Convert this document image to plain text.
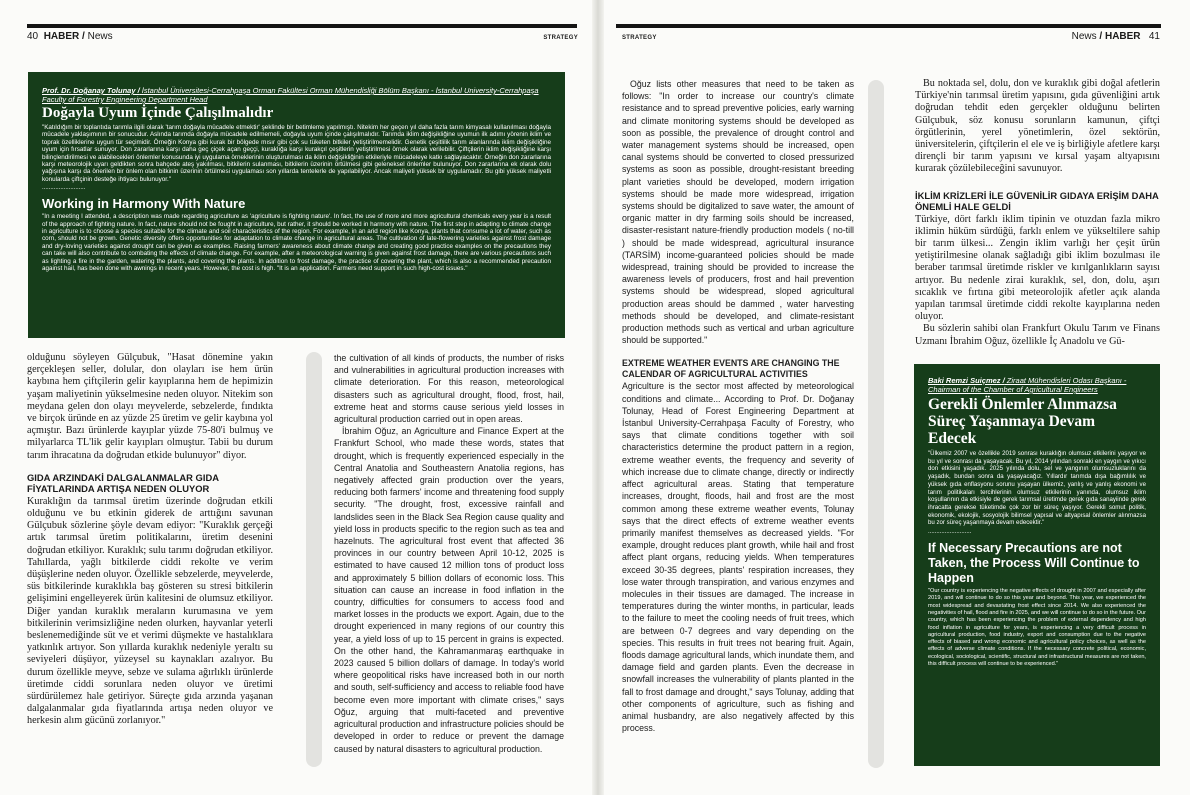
40 HABER / News	STRATEGY	STRATEGY	News / HABER 41
Prof. Dr. Doğanay Tolunay / İstanbul Üniversitesi-Cerrahpaşa Orman Fakültesi Orman Mühendisliği Bölüm Başkanı - İstanbul University-Cerrahpaşa Faculty of Forestry Engineering Department Head
Doğayla Uyum İçinde Çalışılmalıdır
"Katıldığım bir toplantıda tarımla ilgili olarak 'tarım doğayla mücadele etmektir' şeklinde bir betimleme yapılmıştı. Nitekim her geçen yıl daha fazla tarım kimyasalı kullanılması doğayla mücadele yaklaşımının bir sonucudur. Aslında tarımda doğayla mücadele edilmemeli, doğayla uyum içinde çalışılmalıdır. Tarımda iklim değişikliğine uyumun ilk adımı yörenin iklim ve toprak özelliklerine uygun tür seçimidir. Örneğin Konya gibi kurak bir bölgede mısır gibi çok su tüketen bitkiler yetiştirilmemelidir. Genetik çeşitlilik tarım alanlarında iklim değişikliğine uyum için fırsatlar sunuyor. Don zararlarına karşı daha geç çiçek açan geççi, kuraklığa karşı kurakçıl çeşitlerin yetiştirilmesi örnek olarak verilebilir. Çiftçilerin iklim değişikliğine karşı bilinçlendirilmesi ve alabilecekleri önlemler konusunda iyi uygulama örneklerinin oluşturulması da iklim değişikliğinin etkileriyle mücadeleye katkı sağlayacaktır. Örneğin don zararlarına karşı meteorolojik uyarı geldikten sonra bahçede ateş yakılması, bitkilerin sulanması, bitkilerin üzerinin örtülmesi gibi geleneksel önlemler bulunuyor. Don zararlarına ek olarak dolu yağışına karşı da önerilen bir önlem olan bitkinin üzerinin örtülmesi uygulaması son yıllarda tentelerle de yapılabiliyor. Ancak maliyeti yüksek bir uygulamadır. Bu gibi yüksek maliyetli konularda çiftçinin desteğe ihtiyacı bulunuyor."
..........................
Working in Harmony With Nature
"In a meeting I attended, a description was made regarding agriculture as 'agriculture is fighting nature'. In fact, the use of more and more agricultural chemicals every year is a result of the approach of fighting nature. In fact, nature should not be fought in agriculture, but rather, it should be worked in harmony with nature. The first step in adapting to climate change in agriculture is to choose a species suitable for the climate and soil characteristics of the region. For example, in an arid region like Konya, plants that consume a lot of water, such as corn, should not be grown. Genetic diversity offers opportunities for adaptation to climate change in agricultural areas. The cultivation of late-flowering varieties against frost damage and dry-loving varieties against drought can be given as examples. Raising farmers' awareness about climate change and creating good practice examples on the precautions they can take will also contribute to combating the effects of climate change. For example, after a meteorological warning is given against frost damage, there are various precautions such as lighting a fire in the garden, watering the plants, and covering the plants. In addition to frost damage, the practice of covering the plant, which is also a recommended precaution against hail, has been done with awnings in recent years. However, the cost is high. "It is an application. Farmers need support in such high-cost issues."

olduğunu söyleyen Gülçubuk, "Hasat dönemine yakın gerçekleşen seller, dolular, don olayları ise hem ürün kaybına hem çiftçilerin gelir kayıplarına hem de hepimizin yaşam maliyetinin yükselmesine neden oluyor. Nitekim son meydana gelen don olayı meyvelerde, sebzelerde, fındıkta ve birçok üründe en az yüzde 25 üretim ve gelir kaybına yol açmıştır. Bazı ürünlerde kayıplar yüzde 75-80'i bulmuş ve milyarlarca TL'lik gelir kayıpları olmuştur. Tabii bu durum tarım ihracatına da doğrudan etkide bulunuyor" diyor.

GIDA ARZINDAKİ DALGALANMALAR GIDA FİYATLARINDA ARTIŞA NEDEN OLUYOR

Kuraklığın da tarımsal üretim üzerinde doğrudan etkili olduğunu ve bu etkinin giderek de arttığını savunan Gülçubuk sözlerine şöyle devam ediyor: "Kuraklık gerçeği artık tarımsal üretim politikalarını, üretim desenini doğrudan etkiliyor. Kuraklık; sulu tarımı doğrudan etkiliyor. Tahıllarda, yağlı bitkilerde ciddi rekolte ve verim düşüşlerine neden oluyor. Özellikle sebzelerde, meyvelerde, süs bitkilerinde kuraklıkla baş gösteren su stresi bitkilerin gelişimini engelleyerek ürün kalitesini de olumsuz etkiliyor. Diğer yandan kuraklık meraların kurumasına ve yem bitkilerinin verimsizliğine neden olurken, hayvanlar yeterli beslenemediğinde süt ve et verimi düşmekte ve hastalıklara yatkınlık artıyor. Son yıllarda kuraklık nedeniyle yeraltı su seviyeleri düşüyor, yüzeysel su kaynakları azalıyor. Bu durum özellikle meyve, sebze ve sulama ağırlıklı ürünlerde üretimde ciddi sorunlara neden oluyor ve üretimi sürdürülemez hale getiriyor. Süreçte gıda arzında yaşanan dalgalanmalar gıda fiyatlarında artışa neden oluyor ve herkesin alım gücünü zorlanıyor."

the cultivation of all kinds of products, the number of risks and vulnerabilities in agricultural production increases with climate deterioration. For this reason, meteorological disasters such as agricultural drought, flood, frost, hail, extreme heat and storms cause serious yield losses in agricultural production carried out in open areas.

İbrahim Oğuz, an Agriculture and Finance Expert at the Frankfurt School, who made these words, states that drought, which is frequently experienced especially in the Central Anatolia and Southeastern Anatolia regions, has negatively affected grain production over the years, reducing both farmers' income and threatening food supply security. "The drought, frost, excessive rainfall and landslides seen in the Black Sea Region cause quality and yield loss in products specific to the region such as tea and hazelnuts. The agricultural frost event that affected 36 provinces in our country between April 10-12, 2025 is estimated to have caused 12 million tons of product loss and approximately 5 billion dollars of economic loss. This situation can cause an increase in food inflation in the country, difficulties for consumers to access food and market losses in the products we export. Again, due to the drought experienced in many regions of our country this year, a yield loss of up to 15 percent in grains is expected. On the other hand, the Kahramanmaraş earthquake in 2023 caused 5 billion dollars of damage. In today's world where geopolitical risks have increased both in our north and south, self-sufficiency and access to reliable food have become even more important with climate crises," says Oğuz, arguing that multi-faceted and preventive agricultural production and infrastructure policies should be developed in order to reduce or prevent the damage caused by natural disasters to agricultural production.

Oğuz lists other measures that need to be taken as follows: "In order to increase our country's climate resistance and to spread preventive policies, early warning and climate monitoring systems should be developed as soon as possible, the prevalence of drought control and water management systems should be increased, open canal systems should be converted to closed pressurized systems as soon as possible, drought-resistant breeding plant varieties should be developed, modern irrigation systems should be made more widespread, irrigation systems should be digitalized to save water, the amount of organic matter in dry farming soils should be increased, disaster-resistant nature-friendly production models ( no-till ) should be made widespread, agricultural insurance (TARSİM) income-guaranteed policies should be made widespread, training should be provided to increase the awareness levels of producers, frost and hail prevention systems should be widespread, sloped agricultural production areas should be dammed , water harvesting methods should be developed, and climate-resistant production methods such as vertical and urban agriculture should be supported."

EXTREME WEATHER EVENTS ARE CHANGING THE CALENDAR OF AGRICULTURAL ACTIVITIES

Agriculture is the sector most affected by meteorological conditions and climate... According to Prof. Dr. Doğanay Tolunay, Head of Forest Engineering Department at İstanbul University-Cerrahpaşa Faculty of Forestry, who says that climate conditions together with soil characteristics determine the product pattern in a region, extreme weather events, the frequency and severity of which increase due to climate change, directly or indirectly affect agricultural areas. Stating that temperature increases, drought, floods, hail and frost are the most common among these extreme weather events, Tolunay says that the direct effects of extreme weather events primarily manifest themselves as decreased yields. "For example, drought reduces plant growth, while hail and frost affect plant organs, reducing yields. When temperatures exceed 30-35 degrees, plants' respiration increases, they lose water through transpiration, and various enzymes and molecules in their tissues are damaged. The increase in temperatures during the winter months, in particular, leads to the failure to meet the cooling needs of fruit trees, which are between 0-7 degrees and vary depending on the species. This results in fruit trees not bearing fruit. Again, floods damage agricultural lands, which inundate them, and damage field and garden plants. Even the decrease in snowfall increases the vulnerability of plants planted in the fall to frost damage and drought," says Tolunay, adding that other components of agriculture, such as fishing and animal husbandry, are also negatively affected by this process.

Bu noktada sel, dolu, don ve kuraklık gibi doğal afetlerin Türkiye'nin tarımsal üretim yapısını, gıda güvenliğini artık doğrudan tehdit eden gerçekler olduğunu belirten Gülçubuk, söz konusu sorunların kamunun, çiftçi örgütlerinin, yerel yönetimlerin, özel sektörün, üniversitelerin, çiftçilerin el ele ve iş birliğiyle afetlere karşı dirençli bir tarım yapısını ve kırsal yaşam altyapısını kurarak çözülebileceğini savunuyor.

İKLİM KRİZLERİ İLE GÜVENİLİR GIDAYA ERİŞİM DAHA ÖNEMLİ HALE GELDİ

Türkiye, dört farklı iklim tipinin ve otuzdan fazla mikro iklimin hüküm sürdüğü, farklı enlem ve yükseltilere sahip bir tarım ülkesi... Zengin iklim varlığı her çeşit ürün yetiştirilmesine olanak sağladığı gibi iklim bozulması ile beraber tarımsal üretimde riskler ve kırılganlıkların sayısı artıyor. Bu nedenle zirai kuraklık, sel, don, dolu, aşırı sıcaklık ve fırtına gibi meteorolojik afetler açık alanda yapılan tarımsal üretimde ciddi rekolte kayıplarına neden oluyor.

Bu sözlerin sahibi olan Frankfurt Okulu Tarım ve Finans Uzmanı İbrahim Oğuz, özellikle İç Anadolu ve Gü-

Baki Remzi Suiçmez / Ziraat Mühendisleri Odası Başkanı - Chairman of the Chamber of Agricultural Engineers
Gerekli Önlemler Alınmazsa Süreç Yaşanmaya Devam Edecek
"Ülkemiz 2007 ve özellikle 2019 sonrası kuraklığın olumsuz etkilerini yaşıyor ve bu yıl ve sonrası da yaşayacak. Bu yıl, 2014 yılından sonraki en yaygın ve yıkıcı don etkisini yaşadık. 2025 yılında dolu, sel ve yangının olumsuzluklarını da yaşadık, bundan sonra da yaşayacağız. Yıllardır tarımda dışa bağımlılık ve yüksek gıda enflasyonu sorunu yaşayan ülkemiz, yanlış ve yanlış ekonomi ve tarım politikaları tercihlerinin olumsuz etkilerinin yanında, olumsuz iklim koşullarının da etkisiyle de gerek tarımsal üretimde gerek gıda sanayiinde gerek ihracatta gerekse tüketimde çok zor bir süreç yaşıyor. Gerekli somut politik, ekonomik, ekolojik, sosyolojik bilimsel yapısal ve altyapısal önlemler alınmazsa bu zor süreç yaşanmaya devam edecektir."
..........................
If Necessary Precautions are not Taken, the Process Will Continue to Happen
"Our country is experiencing the negative effects of drought in 2007 and especially after 2019, and will continue to do so this year and beyond. This year, we experienced the most widespread and devastating frost effect since 2014. We also experienced the negativities of hail, flood and fire in 2025, and we will continue to do so in the future. Our country, which has been experiencing the problem of external dependency and high food inflation in agriculture for years, is experiencing a very difficult process in agricultural production, food industry, export and consumption due to the negative effects of biased and wrong economic and agricultural policy choices, as well as the effects of adverse climate conditions. If the necessary concrete political, economic, ecological, sociological, scientific, structural and infrastructural measures are not taken, this difficult process will continue to be experienced."
